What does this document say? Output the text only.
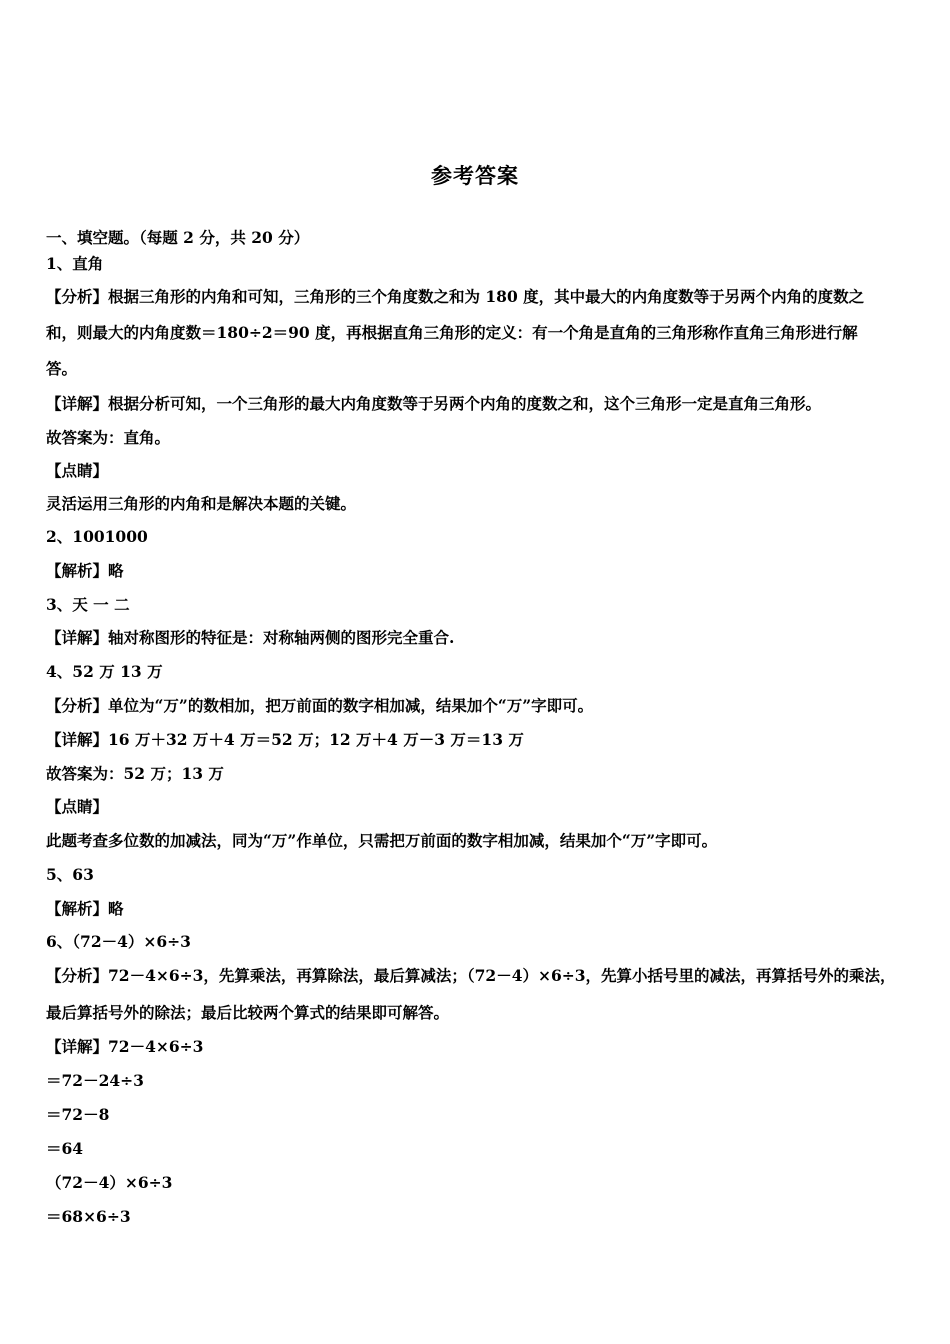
参考答案
一、填空题。（每题 2 分，共 20 分）
1、直角
【分析】根据三角形的内角和可知，三角形的三个角度数之和为 180 度，其中最大的内角度数等于另两个内角的度数之
和，则最大的内角度数＝180÷2＝90 度，再根据直角三角形的定义：有一个角是直角的三角形称作直角三角形进行解
答。
【详解】根据分析可知，一个三角形的最大内角度数等于另两个内角的度数之和，这个三角形一定是直角三角形。
故答案为：直角。
【点睛】
灵活运用三角形的内角和是解决本题的关键。
2、1001000
【解析】略
3、天 一 二
【详解】轴对称图形的特征是：对称轴两侧的图形完全重合.
4、52 万 13 万
【分析】单位为“万”的数相加，把万前面的数字相加减，结果加个“万”字即可。
【详解】16 万＋32 万＋4 万＝52 万；12 万＋4 万－3 万＝13 万
故答案为：52 万；13 万
【点睛】
此题考查多位数的加减法，同为“万”作单位，只需把万前面的数字相加减，结果加个“万”字即可。
5、63
【解析】略
6、（72－4）×6÷3
【分析】72－4×6÷3，先算乘法，再算除法，最后算减法；（72－4）×6÷3，先算小括号里的减法，再算括号外的乘法，
最后算括号外的除法；最后比较两个算式的结果即可解答。
【详解】72－4×6÷3
＝72－24÷3
＝72－8
＝64
（72－4）×6÷3
＝68×6÷3
